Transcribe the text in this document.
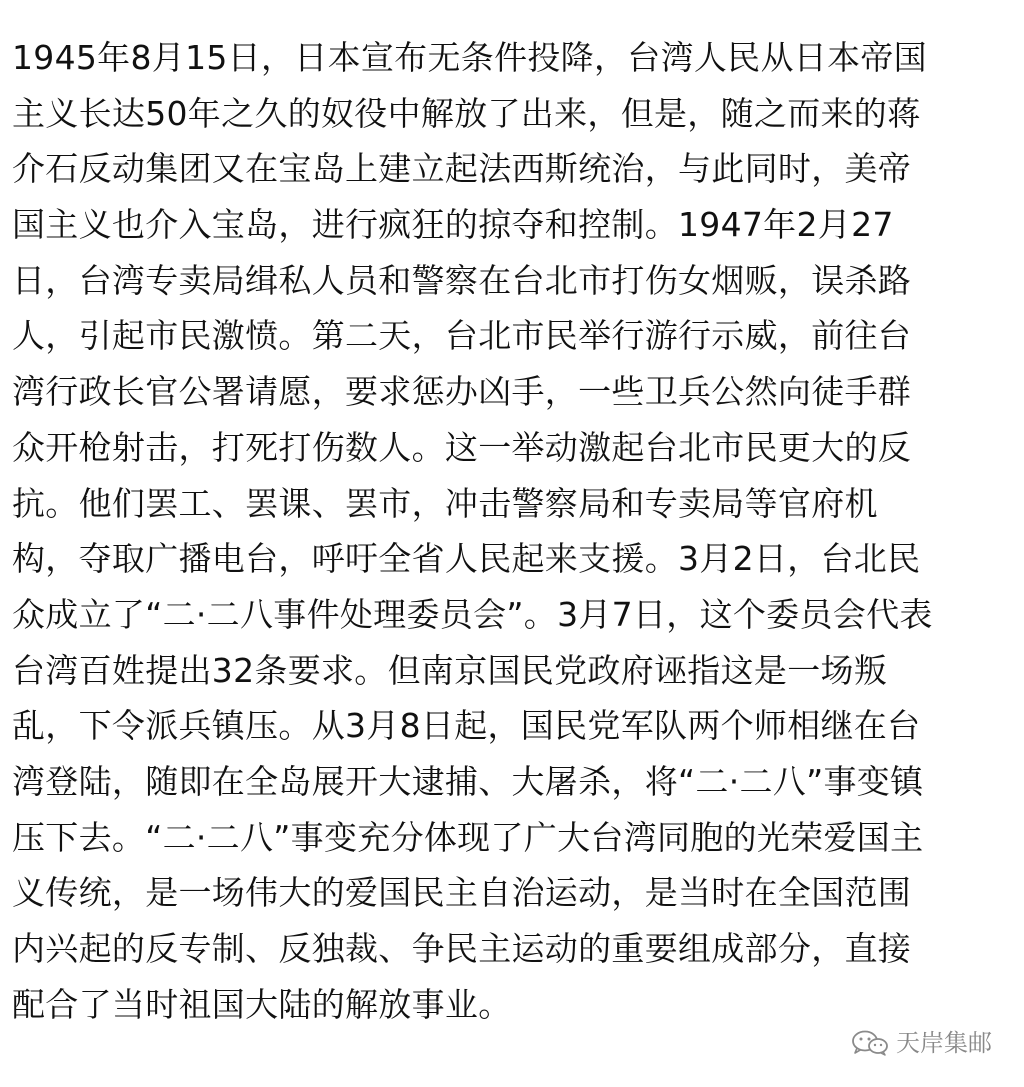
1945年8月15日，日本宣布无条件投降，台湾人民从日本帝国
主义长达50年之久的奴役中解放了出来，但是，随之而来的蒋
介石反动集团又在宝岛上建立起法西斯统治，与此同时，美帝
国主义也介入宝岛，进行疯狂的掠夺和控制。1947年2月27
日，台湾专卖局缉私人员和警察在台北市打伤女烟贩，误杀路
人，引起市民激愤。第二天，台北市民举行游行示威，前往台
湾行政长官公署请愿，要求惩办凶手，一些卫兵公然向徒手群
众开枪射击，打死打伤数人。这一举动激起台北市民更大的反
抗。他们罢工、罢课、罢市，冲击警察局和专卖局等官府机
构，夺取广播电台，呼吁全省人民起来支援。3月2日，台北民
众成立了“二·二八事件处理委员会”。3月7日，这个委员会代表
台湾百姓提出32条要求。但南京国民党政府诬指这是一场叛
乱，下令派兵镇压。从3月8日起，国民党军队两个师相继在台
湾登陆，随即在全岛展开大逮捕、大屠杀，将“二·二八”事变镇
压下去。“二·二八”事变充分体现了广大台湾同胞的光荣爱国主
义传统，是一场伟大的爱国民主自治运动，是当时在全国范围
内兴起的反专制、反独裁、争民主运动的重要组成部分，直接
配合了当时祖国大陆的解放事业。
天岸集邮
